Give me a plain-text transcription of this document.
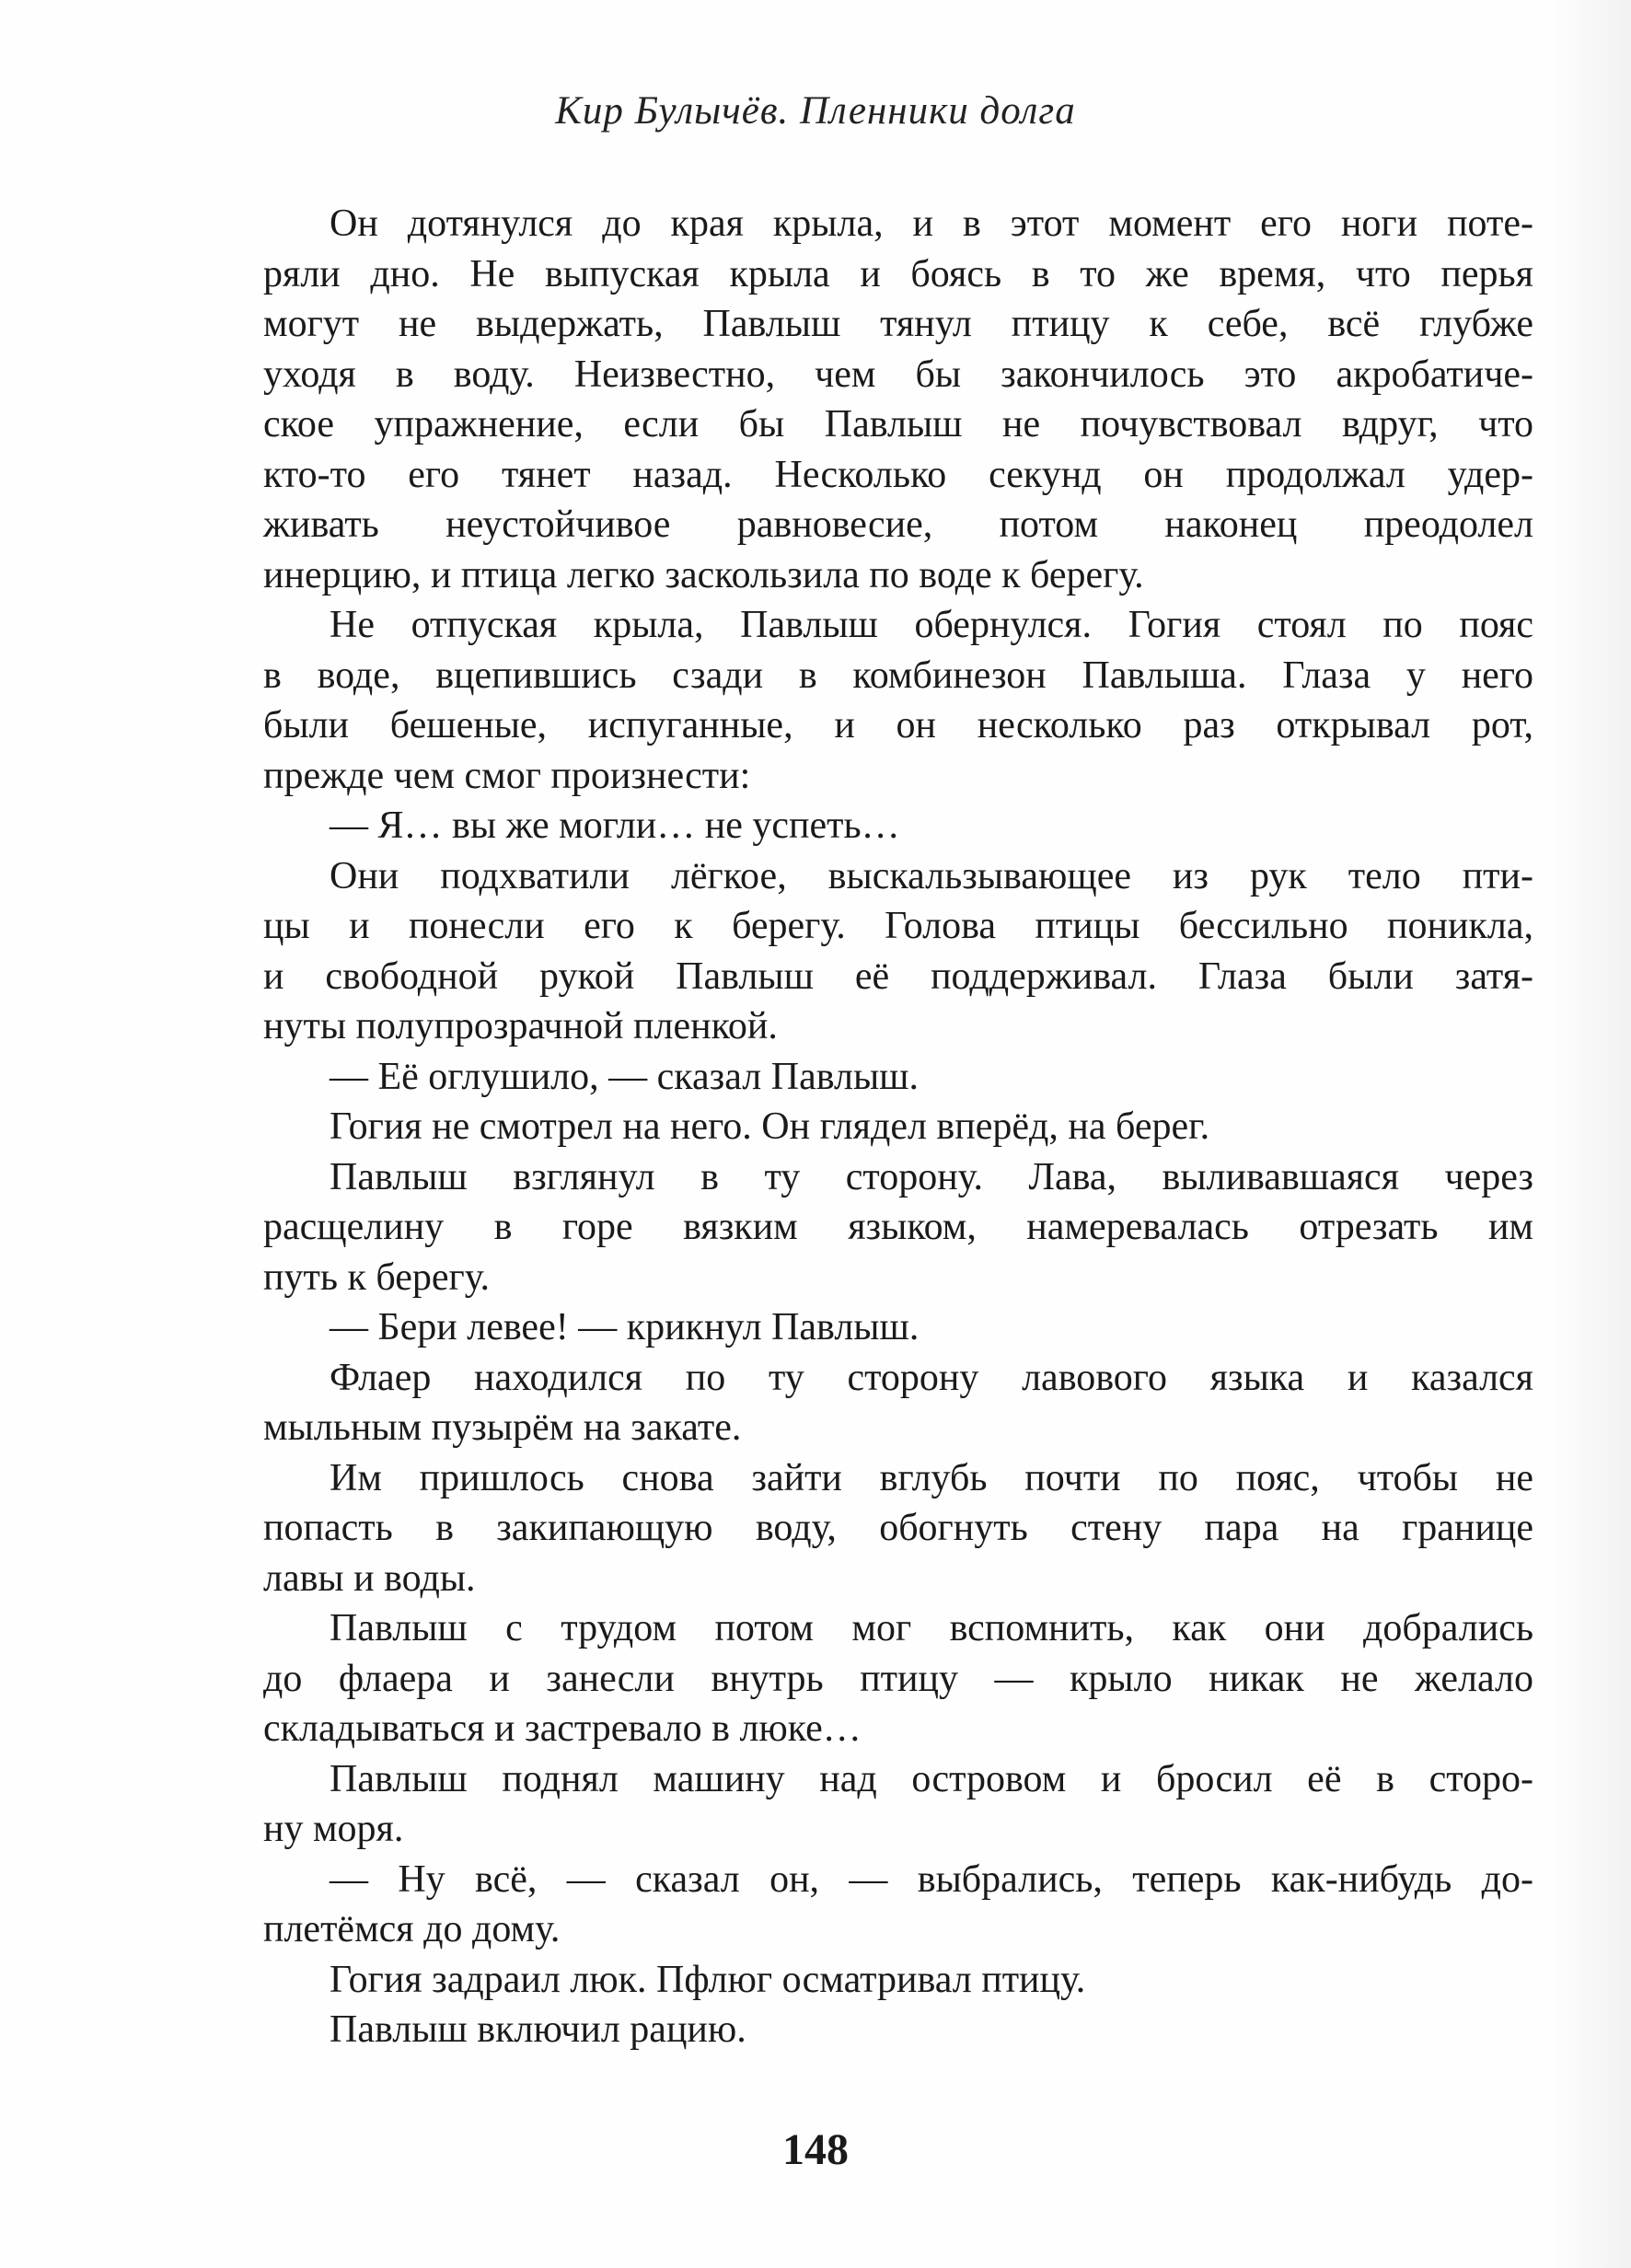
Кир Булычёв. Пленники долга

Он дотянулся до края крыла, и в этот момент его ноги поте-
ряли дно. Не выпуская крыла и боясь в то же время, что перья
могут не выдержать, Павлыш тянул птицу к себе, всё глубже
уходя в воду. Неизвестно, чем бы закончилось это акробатиче-
ское упражнение, если бы Павлыш не почувствовал вдруг, что
кто-то его тянет назад. Несколько секунд он продолжал удер-
живать неустойчивое равновесие, потом наконец преодолел
инерцию, и птица легко заскользила по воде к берегу.

Не отпуская крыла, Павлыш обернулся. Гогия стоял по пояс
в воде, вцепившись сзади в комбинезон Павлыша. Глаза у него
были бешеные, испуганные, и он несколько раз открывал рот,
прежде чем смог произнести:

— Я… вы же могли… не успеть…

Они подхватили лёгкое, выскальзывающее из рук тело пти-
цы и понесли его к берегу. Голова птицы бессильно поникла,
и свободной рукой Павлыш её поддерживал. Глаза были затя-
нуты полупрозрачной пленкой.

— Её оглушило, — сказал Павлыш.

Гогия не смотрел на него. Он глядел вперёд, на берег.

Павлыш взглянул в ту сторону. Лава, выливавшаяся через
расщелину в горе вязким языком, намеревалась отрезать им
путь к берегу.

— Бери левее! — крикнул Павлыш.

Флаер находился по ту сторону лавового языка и казался
мыльным пузырём на закате.

Им пришлось снова зайти вглубь почти по пояс, чтобы не
попасть в закипающую воду, обогнуть стену пара на границе
лавы и воды.

Павлыш с трудом потом мог вспомнить, как они добрались
до флаера и занесли внутрь птицу — крыло никак не желало
складываться и застревало в люке…

Павлыш поднял машину над островом и бросил её в сторо-
ну моря.

— Ну всё, — сказал он, — выбрались, теперь как-нибудь до-
плетёмся до дому.

Гогия задраил люк. Пфлюг осматривал птицу.

Павлыш включил рацию.

148
